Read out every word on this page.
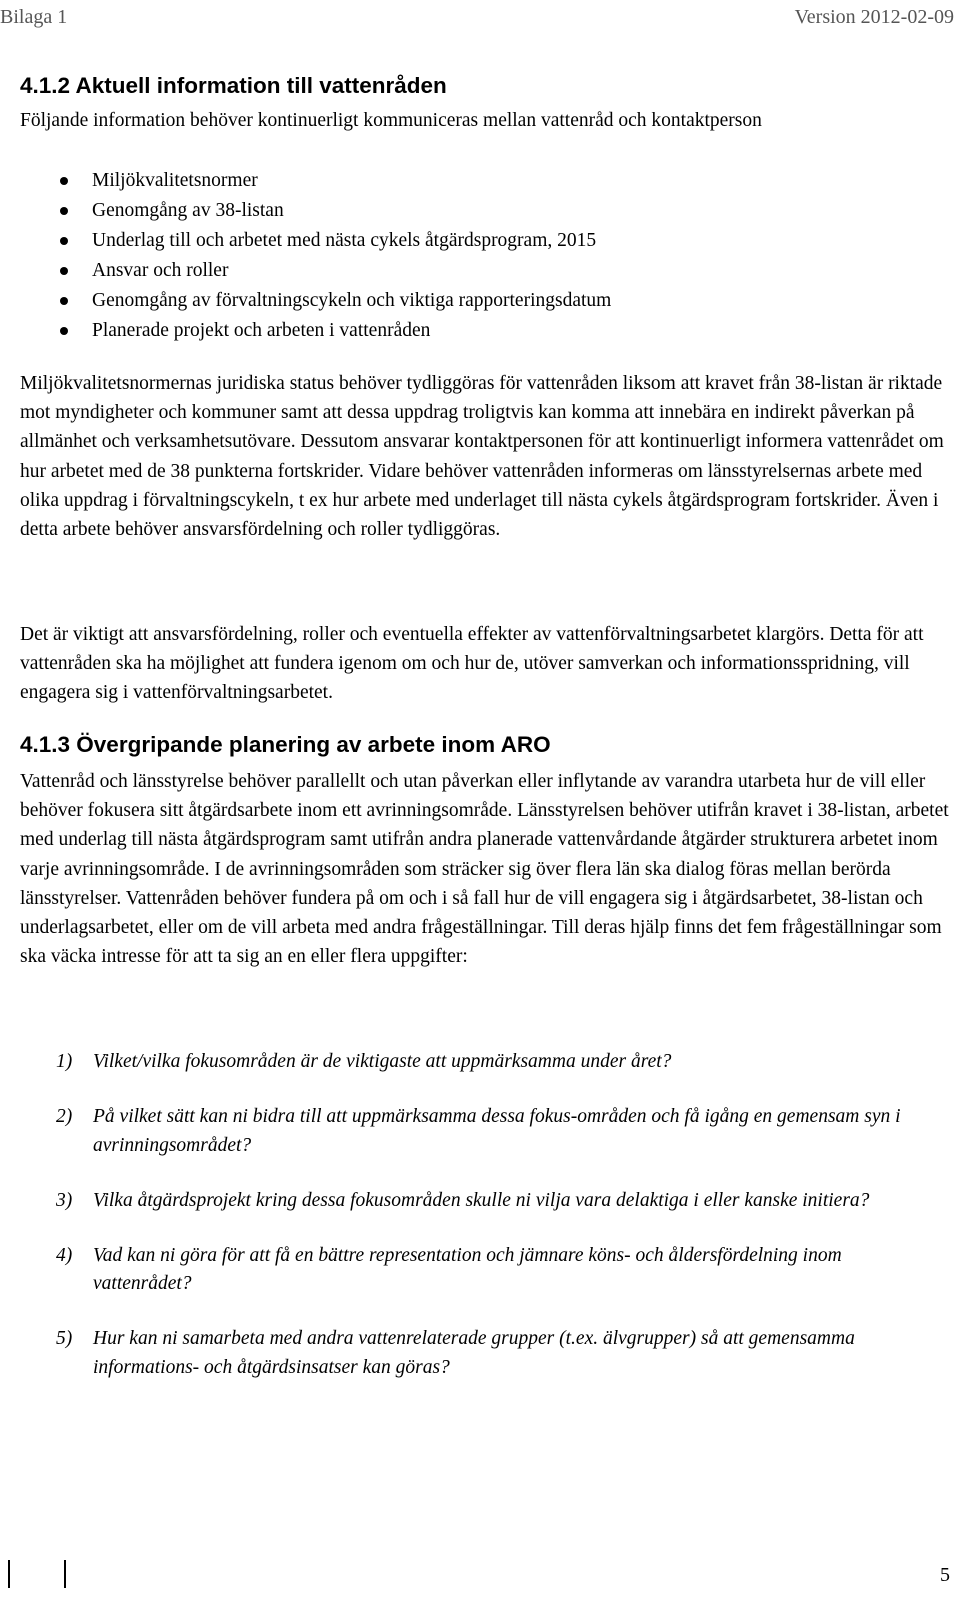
Bilaga 1	Version 2012-02-09
4.1.2 Aktuell information till vattenråden

Följande information behöver kontinuerligt kommuniceras mellan vattenråd och kontaktperson

Miljökvalitetsnormer
Genomgång av 38-listan
Underlag till och arbetet med nästa cykels åtgärdsprogram, 2015
Ansvar och roller
Genomgång av förvaltningscykeln och viktiga rapporteringsdatum
Planerade projekt och arbeten i vattenråden

Miljökvalitetsnormernas juridiska status behöver tydliggöras för vattenråden liksom att kravet från 38-listan är riktade mot myndigheter och kommuner samt att dessa uppdrag troligtvis kan komma att innebära en indirekt påverkan på allmänhet och verksamhetsutövare. Dessutom ansvarar kontaktpersonen för att kontinuerligt informera vattenrådet om hur arbetet med de 38 punkterna fortskrider. Vidare behöver vattenråden informeras om länsstyrelsernas arbete med olika uppdrag i förvaltningscykeln, t ex hur arbete med underlaget till nästa cykels åtgärdsprogram fortskrider. Även i detta arbete behöver ansvarsfördelning och roller tydliggöras.

Det är viktigt att ansvarsfördelning, roller och eventuella effekter av vattenförvaltningsarbetet klargörs. Detta för att vattenråden ska ha möjlighet att fundera igenom om och hur de, utöver samverkan och informationsspridning, vill engagera sig i vattenförvaltningsarbetet.

4.1.3 Övergripande planering av arbete inom ARO

Vattenråd och länsstyrelse behöver parallellt och utan påverkan eller inflytande av varandra utarbeta hur de vill eller behöver fokusera sitt åtgärdsarbete inom ett avrinningsområde. Länsstyrelsen behöver utifrån kravet i 38-listan, arbetet med underlag till nästa åtgärdsprogram samt utifrån andra planerade vattenvårdande åtgärder strukturera arbetet inom varje avrinningsområde. I de avrinningsområden som sträcker sig över flera län ska dialog föras mellan berörda länsstyrelser. Vattenråden behöver fundera på om och i så fall hur de vill engagera sig i åtgärdsarbetet, 38-listan och underlagsarbetet, eller om de vill arbeta med andra frågeställningar. Till deras hjälp finns det fem frågeställningar som ska väcka intresse för att ta sig an en eller flera uppgifter:

1) Vilket/vilka fokusområden är de viktigaste att uppmärksamma under året?
2) På vilket sätt kan ni bidra till att uppmärksamma dessa fokus-områden och få igång en gemensam syn i avrinningsområdet?
3) Vilka åtgärdsprojekt kring dessa fokusområden skulle ni vilja vara delaktiga i eller kanske initiera?
4) Vad kan ni göra för att få en bättre representation och jämnare köns- och åldersfördelning inom vattenrådet?
5) Hur kan ni samarbeta med andra vattenrelaterade grupper (t.ex. älvgrupper) så att gemensamma informations- och åtgärdsinsatser kan göras?
5
